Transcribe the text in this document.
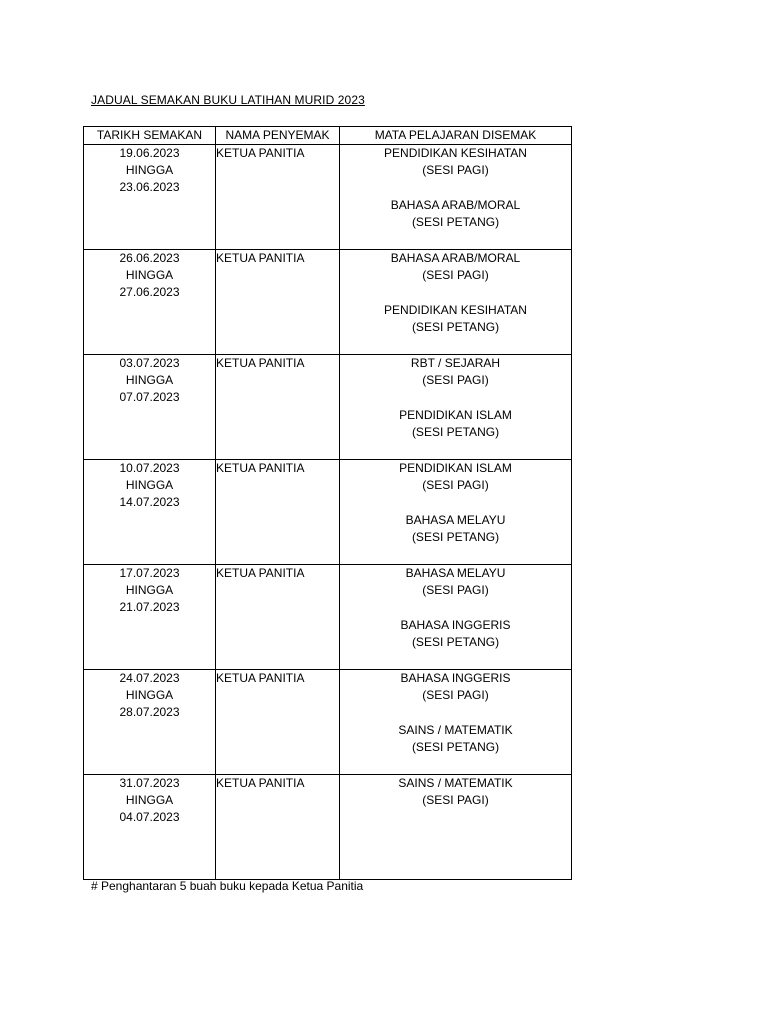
JADUAL SEMAKAN BUKU LATIHAN MURID 2023
TARIKH SEMAKAN	NAMA PENYEMAK	MATA PELAJARAN DISEMAK

19.06.2023
HINGGA
23.06.2023	KETUA PANITIA	PENDIDIKAN KESIHATAN
(SESI PAGI)
BAHASA ARAB/MORAL
(SESI PETANG)

26.06.2023
HINGGA
27.06.2023	KETUA PANITIA	BAHASA ARAB/MORAL
(SESI PAGI)
PENDIDIKAN KESIHATAN
(SESI PETANG)

03.07.2023
HINGGA
07.07.2023	KETUA PANITIA	RBT / SEJARAH
(SESI PAGI)
PENDIDIKAN ISLAM
(SESI PETANG)

10.07.2023
HINGGA
14.07.2023	KETUA PANITIA	PENDIDIKAN ISLAM
(SESI PAGI)
BAHASA MELAYU
(SESI PETANG)

17.07.2023
HINGGA
21.07.2023	KETUA PANITIA	BAHASA MELAYU
(SESI PAGI)
BAHASA INGGERIS
(SESI PETANG)

24.07.2023
HINGGA
28.07.2023	KETUA PANITIA	BAHASA INGGERIS
(SESI PAGI)
SAINS / MATEMATIK
(SESI PETANG)

31.07.2023
HINGGA
04.07.2023	KETUA PANITIA	SAINS / MATEMATIK
(SESI PAGI)
# Penghantaran 5 buah buku kepada Ketua Panitia
